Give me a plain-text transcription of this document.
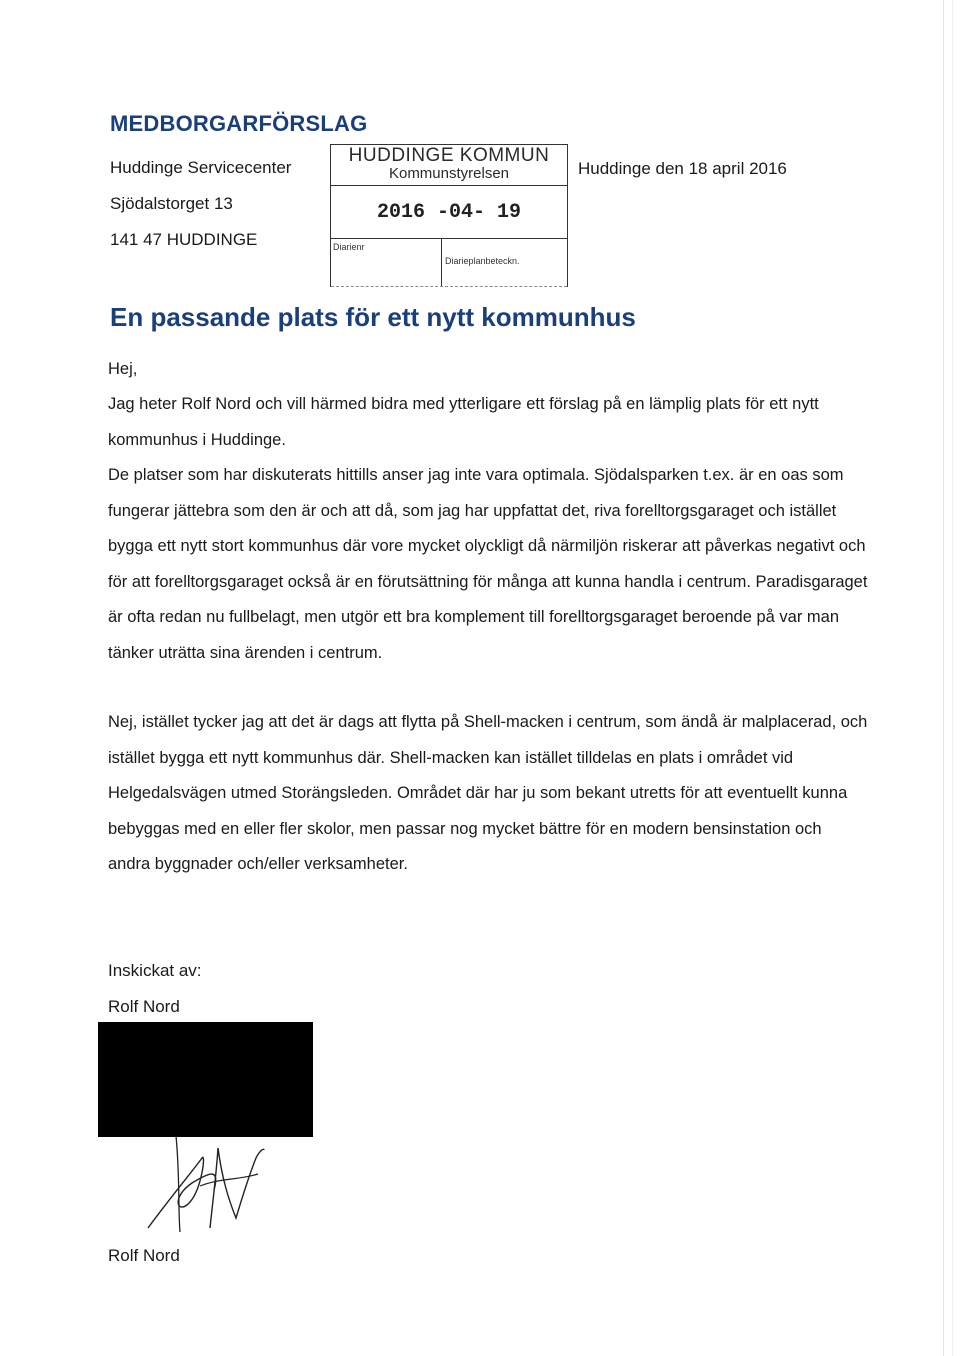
MEDBORGARFÖRSLAG
Huddinge Servicecenter
Sjödalstorget 13
141 47 HUDDINGE
HUDDINGE KOMMUN
Kommunstyrelsen
2016 -04- 19
Diarienr
Diarieplanbeteckn.
Huddinge den 18 april 2016
En passande plats för ett nytt kommunhus

Hej,

Jag heter Rolf Nord och vill härmed bidra med ytterligare ett förslag på en lämplig plats för ett nytt kommunhus i Huddinge.

De platser som har diskuterats hittills anser jag inte vara optimala. Sjödalsparken t.ex. är en oas som fungerar jättebra som den är och att då, som jag har uppfattat det, riva forelltorgsgaraget och istället bygga ett nytt stort kommunhus där vore mycket olyckligt då närmiljön riskerar att påverkas negativt och för att forelltorgsgaraget också är en förutsättning för många att kunna handla i centrum. Paradisgaraget är ofta redan nu fullbelagt, men utgör ett bra komplement till forelltorgsgaraget beroende på var man tänker uträtta sina ärenden i centrum.

Nej, istället tycker jag att det är dags att flytta på Shell-macken i centrum, som ändå är malplacerad, och istället bygga ett nytt kommunhus där. Shell-macken kan istället tilldelas en plats i området vid Helgedalsvägen utmed Storängsleden. Området där har ju som bekant utretts för att eventuellt kunna bebyggas med en eller fler skolor, men passar nog mycket bättre för en modern bensinstation och andra byggnader och/eller verksamheter.

Inskickat av:
Rolf Nord
Rolf Nord
